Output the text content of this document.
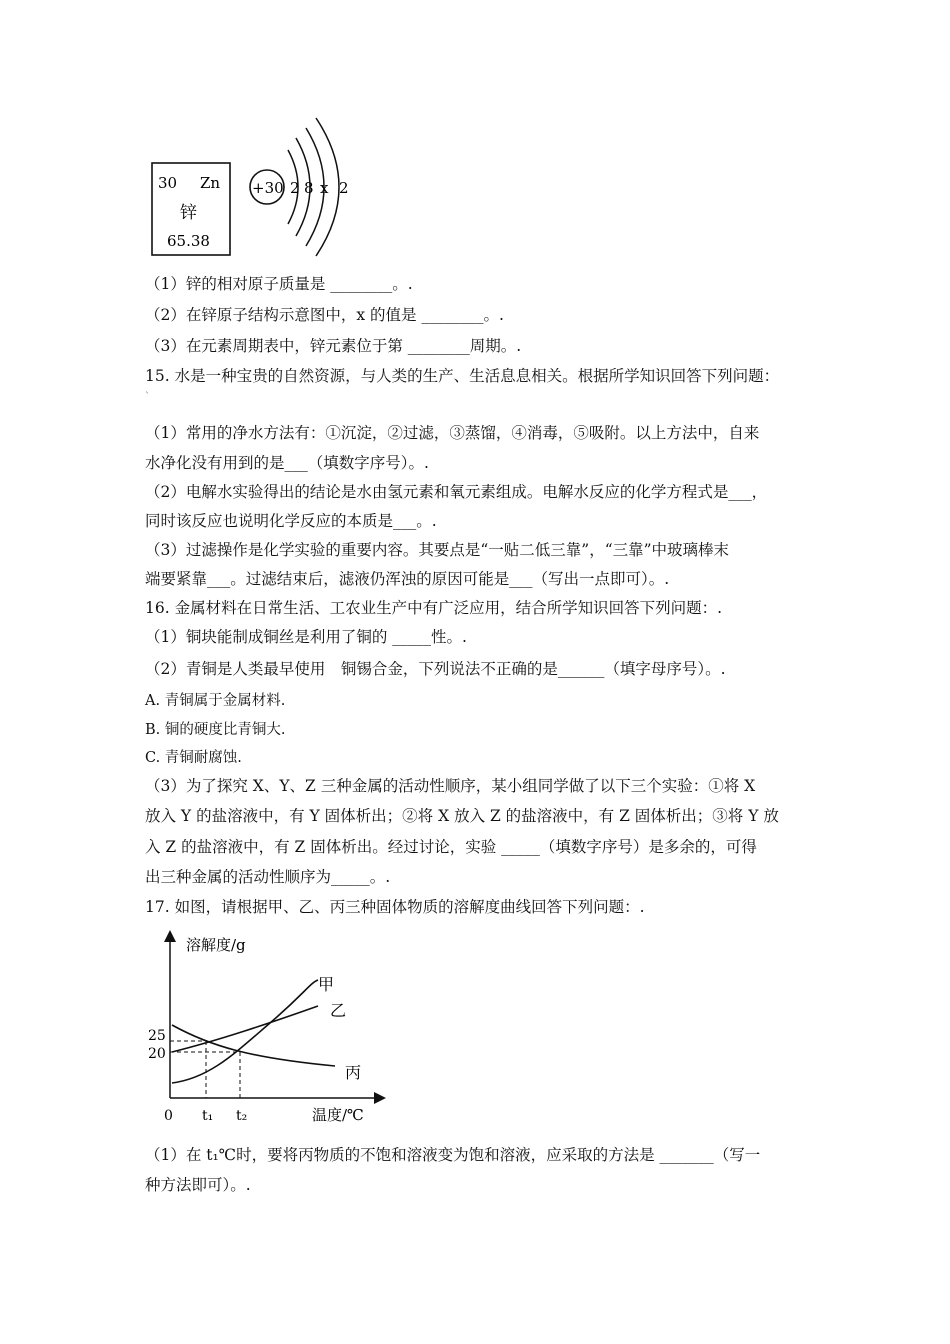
30 Zn
锌
65.38
+30 2 8 x 2
（1）锌的相对原子质量是 ________。.
（2）在锌原子结构示意图中，x 的值是 ________。.
（3）在元素周期表中，锌元素位于第 ________周期。.
15. 水是一种宝贵的自然资源，与人类的生产、生活息息相关。根据所学知识回答下列问题：
`
（1）常用的净水方法有：①沉淀，②过滤，③蒸馏，④消毒，⑤吸附。以上方法中，自来
水净化没有用到的是___（填数字序号）。.
（2）电解水实验得出的结论是水由氢元素和氧元素组成。电解水反应的化学方程式是___，
同时该反应也说明化学反应的本质是___。.
（3）过滤操作是化学实验的重要内容。其要点是“一贴二低三靠”，“三靠”中玻璃棒末
端要紧靠___。过滤结束后，滤液仍浑浊的原因可能是___（写出一点即可）。.
16. 金属材料在日常生活、工农业生产中有广泛应用，结合所学知识回答下列问题：.
（1）铜块能制成铜丝是利用了铜的 _____性。.
（2）青铜是人类最早使用　铜锡合金，下列说法不正确的是______（填字母序号）。.
A. 青铜属于金属材料.
B. 铜的硬度比青铜大.
C. 青铜耐腐蚀.
（3）为了探究 X、Y、Z 三种金属的活动性顺序，某小组同学做了以下三个实验：①将 X
放入 Y 的盐溶液中，有 Y 固体析出；②将 X 放入 Z 的盐溶液中，有 Z 固体析出；③将 Y 放
入 Z 的盐溶液中，有 Z 固体析出。经过讨论，实验 _____（填数字序号）是多余的，可得
出三种金属的活动性顺序为_____。.
17. 如图，请根据甲、乙、丙三种固体物质的溶解度曲线回答下列问题：.
溶解度/g
温度/℃
0 t₁ t₂
20
25
甲
乙
丙
（1）在 t₁℃时，要将丙物质的不饱和溶液变为饱和溶液，应采取的方法是 _______（写一
种方法即可）。.
